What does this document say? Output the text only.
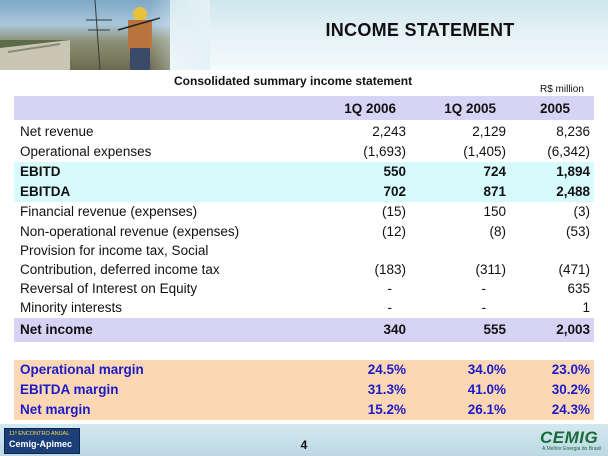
INCOME STATEMENT
Consolidated summary income statement
R$ million
1Q 2006	1Q 2005	2005
Net revenue	2,243	2,129	8,236
Operational expenses	(1,693)	(1,405)	(6,342)
EBITD	550	724	1,894
EBITDA	702	871	2,488
Financial revenue (expenses)	(15)	150	(3)
Non-operational revenue (expenses)	(12)	(8)	(53)
Provision for income tax, Social
Contribution, deferred income tax	(183)	(311)	(471)
Reversal of Interest on Equity	-	-	635
Minority interests	-	-	1
Net income	340	555	2,003
Operational margin	24.5%	34.0%	23.0%
EBITDA margin	31.3%	41.0%	30.2%
Net margin	15.2%	26.1%	24.3%
11º ENCONTRO ANUAL
Cemig-Apimec	4	CEMIG
A Melhor Energia do Brasil
